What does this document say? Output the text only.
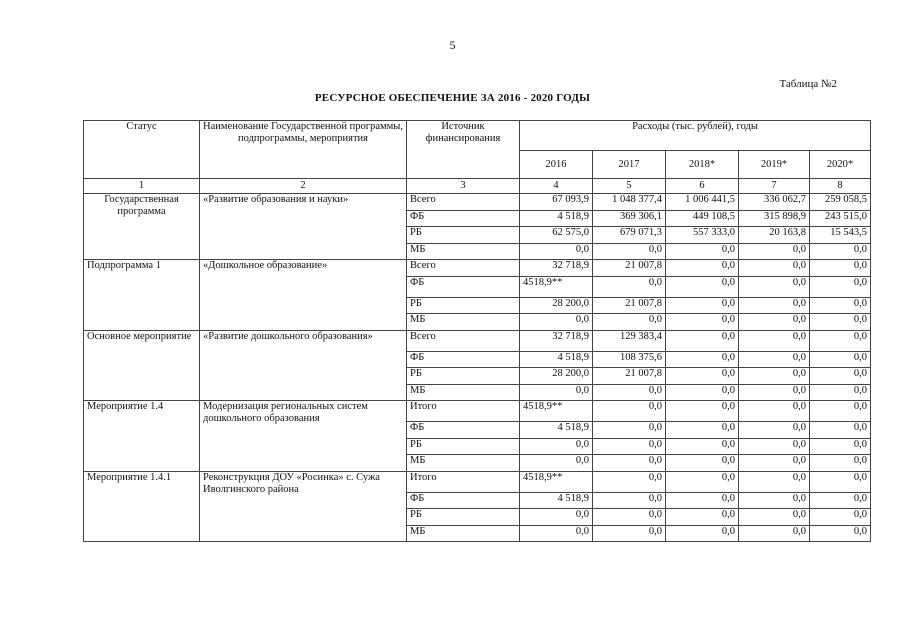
5
Таблица №2
РЕСУРСНОЕ ОБЕСПЕЧЕНИЕ ЗА 2016 - 2020 ГОДЫ
Статус	Наименование Государственной программы, подпрограммы, мероприятия	Источник финансирования	Расходы (тыс. рублей), годы				
			2016	2017	2018*	2019*	2020*
1	2	3	4	5	6	7	8
Государственная программа	«Развитие образования и науки»	Всего	67 093,9	1 048 377,4	1 006 441,5	336 062,7	259 058,5
		ФБ	4 518,9	369 306,1	449 108,5	315 898,9	243 515,0
		РБ	62 575,0	679 071,3	557 333,0	20 163,8	15 543,5
		МБ	0,0	0,0	0,0	0,0	0,0
Подпрограмма 1	«Дошкольное образование»	Всего	32 718,9	21 007,8	0,0	0,0	0,0
		ФБ	4518,9**	0,0	0,0	0,0	0,0
		РБ	28 200,0	21 007,8	0,0	0,0	0,0
		МБ	0,0	0,0	0,0	0,0	0,0
Основное мероприятие	«Развитие дошкольного образования»	Всего	32 718,9	129 383,4	0,0	0,0	0,0
		ФБ	4 518,9	108 375,6	0,0	0,0	0,0
		РБ	28 200,0	21 007,8	0,0	0,0	0,0
		МБ	0,0	0,0	0,0	0,0	0,0
Мероприятие 1.4	Модернизация региональных систем дошкольного образования	Итого	4518,9**	0,0	0,0	0,0	0,0
		ФБ	4 518,9	0,0	0,0	0,0	0,0
		РБ	0,0	0,0	0,0	0,0	0,0
		МБ	0,0	0,0	0,0	0,0	0,0
Мероприятие 1.4.1	Реконструкция ДОУ «Росинка» с. Сужа Иволгинского района	Итого	4518,9**	0,0	0,0	0,0	0,0
		ФБ	4 518,9	0,0	0,0	0,0	0,0
		РБ	0,0	0,0	0,0	0,0	0,0
		МБ	0,0	0,0	0,0	0,0	0,0
